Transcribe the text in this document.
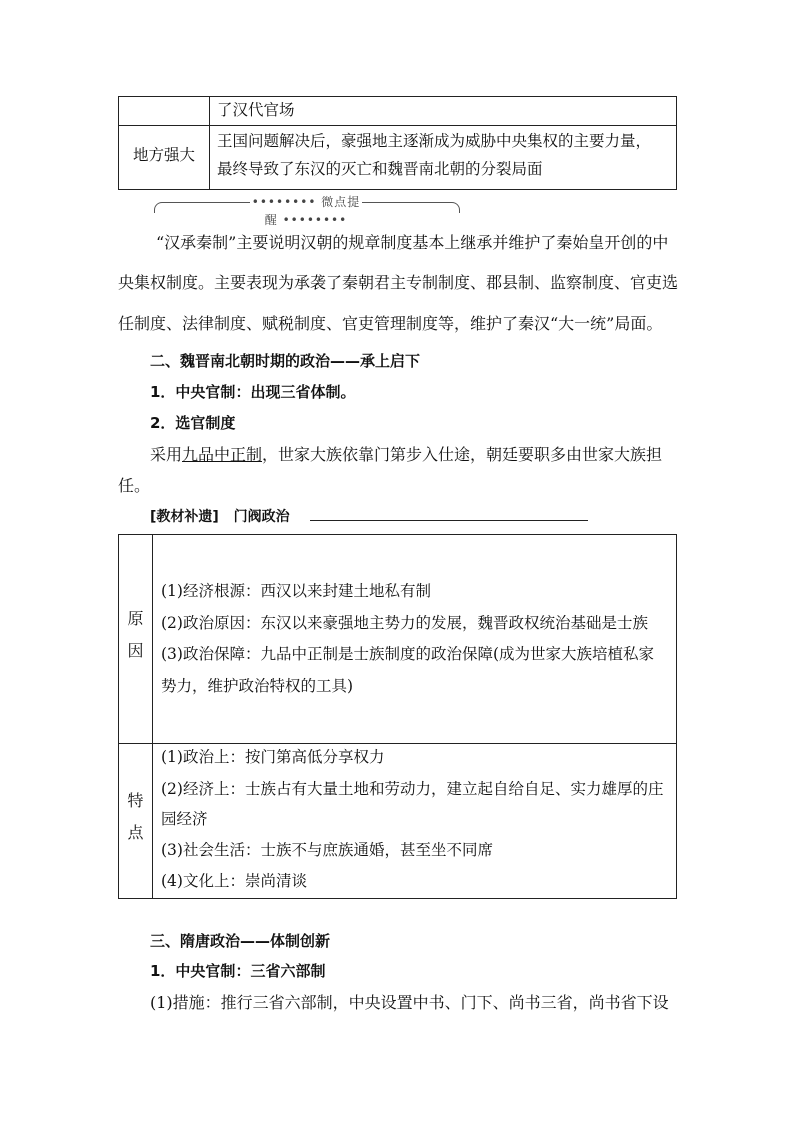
了汉代官场
地方强大
王国问题解决后，豪强地主逐渐成为威胁中央集权的主要力量，
最终导致了东汉的灭亡和魏晋南北朝的分裂局面
•••••••• 微点提醒 ••••••••
“汉承秦制”主要说明汉朝的规章制度基本上继承并维护了秦始皇开创的中
央集权制度。主要表现为承袭了秦朝君主专制制度、郡县制、监察制度、官吏选
任制度、法律制度、赋税制度、官吏管理制度等，维护了秦汉“大一统”局面。
二、魏晋南北朝时期的政治——承上启下
1．中央官制：出现三省体制。
2．选官制度
采用九品中正制，世家大族依靠门第步入仕途，朝廷要职多由世家大族担
任。
[教材补遗] 门阀政治
原
因
(1)经济根源：西汉以来封建土地私有制
(2)政治原因：东汉以来豪强地主势力的发展，魏晋政权统治基础是士族
(3)政治保障：九品中正制是士族制度的政治保障(成为世家大族培植私家
势力，维护政治特权的工具)
特
点
(1)政治上：按门第高低分享权力
(2)经济上：士族占有大量土地和劳动力，建立起自给自足、实力雄厚的庄
园经济
(3)社会生活：士族不与庶族通婚，甚至坐不同席
(4)文化上：崇尚清谈
三、隋唐政治——体制创新
1．中央官制：三省六部制
(1)措施：推行三省六部制，中央设置中书、门下、尚书三省，尚书省下设
